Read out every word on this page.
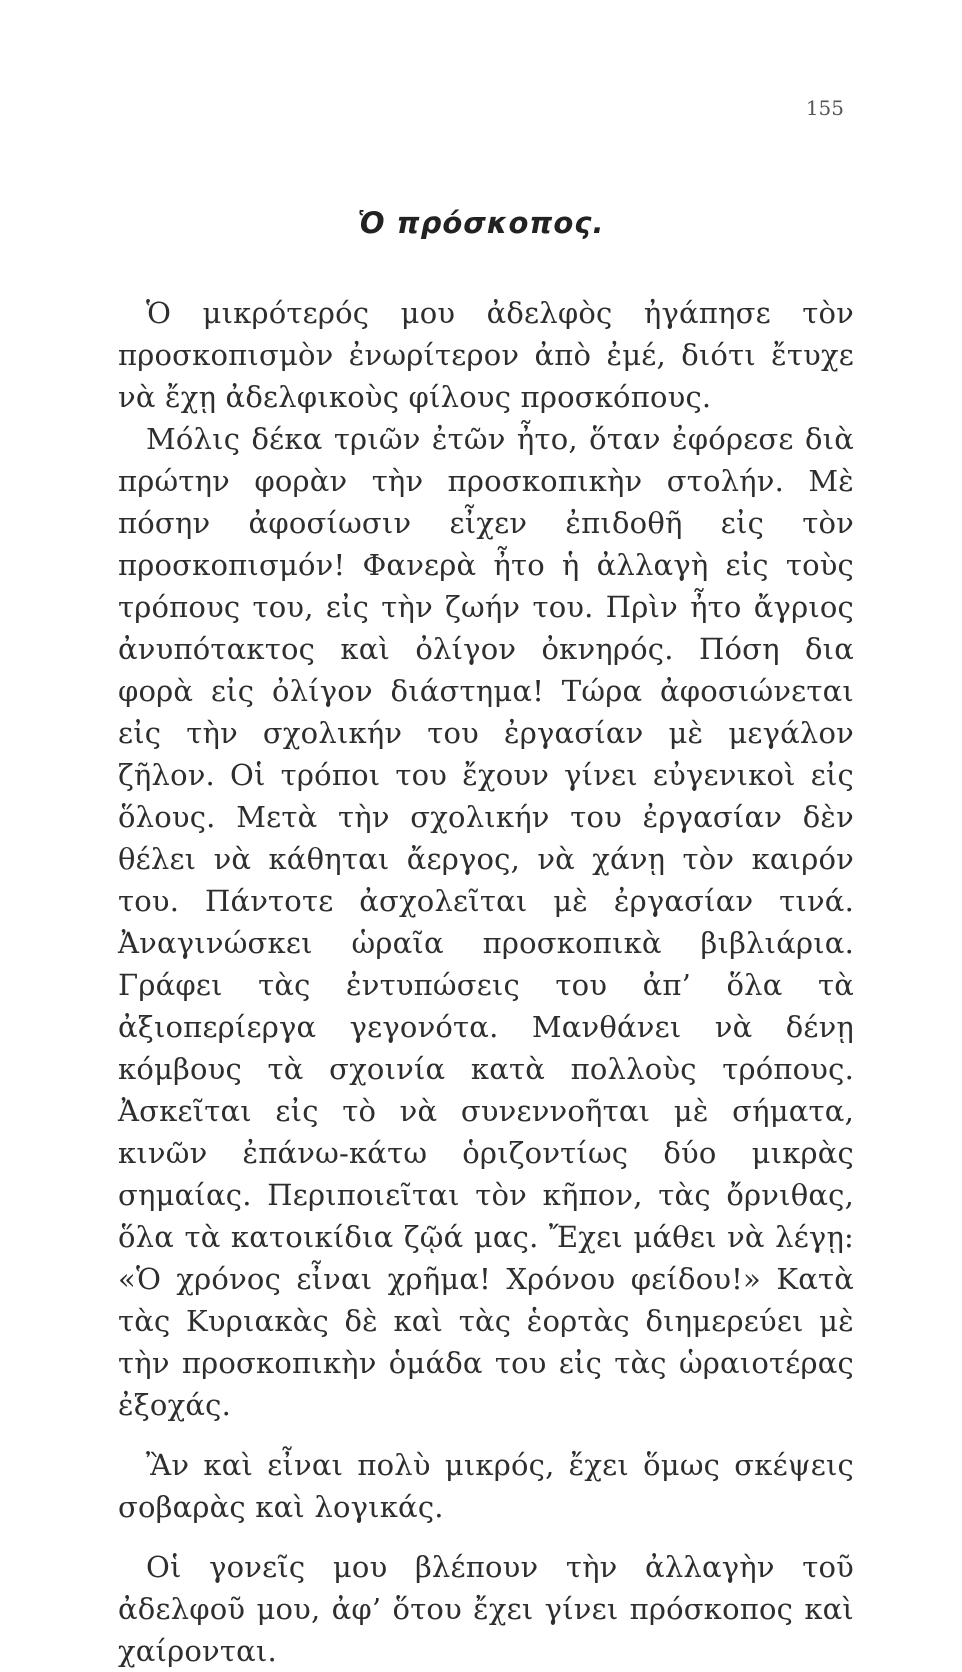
155
Ὁ πρόσκοπος.

Ὁ μικρότερός μου ἀδελφὸς ἠγάπησε τὸν προσκοπισμὸν ἐνωρίτερον ἀπὸ ἐμέ, διότι ἔτυχε νὰ ἔχῃ ἀδελφικοὺς φίλους προσκόπους.

Μόλις δέκα τριῶν ἐτῶν ἦτο, ὅταν ἐφόρεσε διὰ πρώτην φορὰν τὴν προσκοπικὴν στολήν. Μὲ πόσην ἀφοσίωσιν εἶχεν ἐπιδοθῆ εἰς τὸν προσκοπισμόν! Φανερὰ ἦτο ἡ ἀλλαγὴ εἰς τοὺς τρόπους του, εἰς τὴν ζωήν του. Πρὶν ἦτο ἄγριος ἀνυπότακτος καὶ ὀλίγον ὀκνηρός. Πόση δια φορὰ εἰς ὀλίγον διάστημα! Τώρα ἀφοσιώνεται εἰς τὴν σχολικήν του ἐργασίαν μὲ μεγάλον ζῆλον. Οἱ τρόποι του ἔχουν γίνει εὐγενικοὶ εἰς ὅλους. Μετὰ τὴν σχολικήν του ἐργασίαν δὲν θέλει νὰ κάθηται ἄεργος, νὰ χάνῃ τὸν καιρόν του. Πάντοτε ἀσχολεῖται μὲ ἐργασίαν τινά. Ἀναγινώσκει ὡραῖα προσκοπικὰ βιβλιάρια. Γράφει τὰς ἐντυπώσεις του ἀπ’ ὅλα τὰ ἀξιοπερίεργα γεγονότα. Μανθάνει νὰ δένῃ κόμβους τὰ σχοινία κατὰ πολλοὺς τρόπους. Ἀσκεῖται εἰς τὸ νὰ συνεννοῆται μὲ σήματα, κινῶν ἐπάνω-κάτω ὁριζοντίως δύο μικρὰς σημαίας. Περιποιεῖται τὸν κῆπον, τὰς ὄρνιθας, ὅλα τὰ κατοικίδια ζῷά μας. Ἔχει μάθει νὰ λέγῃ: «Ὁ χρόνος εἶναι χρῆμα! Χρόνου φείδου!» Κατὰ τὰς Κυριακὰς δὲ καὶ τὰς ἑορτὰς διημερεύει μὲ τὴν προσκοπικὴν ὁμάδα του εἰς τὰς ὡραιοτέρας ἐξοχάς.

Ἂν καὶ εἶναι πολὺ μικρός, ἔχει ὅμως σκέψεις σοβαρὰς καὶ λογικάς.

Οἱ γονεῖς μου βλέπουν τὴν ἀλλαγὴν τοῦ ἀδελφοῦ μου, ἀφ’ ὅτου ἔχει γίνει πρόσκοπος καὶ χαίρονται.
